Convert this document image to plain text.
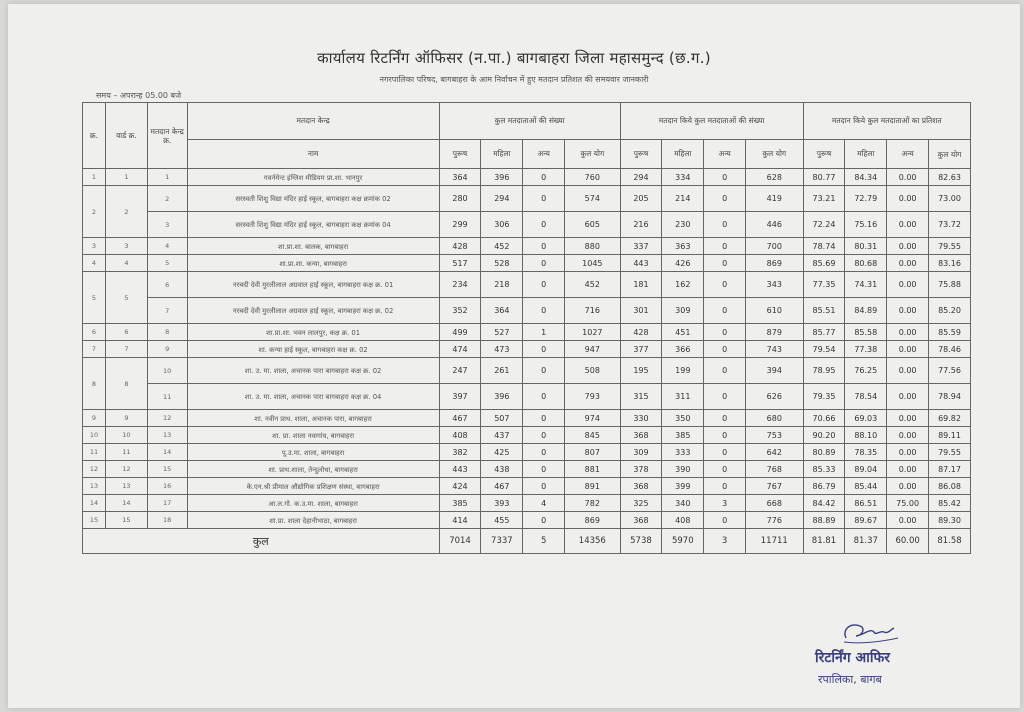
कार्यालय रिटर्निंग ऑफिसर (न.पा.) बागबाहरा जिला महासमुन्द (छ.ग.)
नगरपालिका परिषद, बागबाहरा के आम निर्वाचन में हुए मतदान प्रतिशत की समयवार जानकारी
समय – अपरान्ह 05.00 बजे
क्र.	वार्ड क्र.	मतदान केन्द्र क्र.	मतदान केन्द्र	कुल मतदाताओं की संख्या				मतदान किये कुल मतदाताओं की संख्या				मतदान किये कुल मतदाताओं का प्रतिशत			
			नाम	पुरूष	महिला	अन्य	कुल योग	पुरूष	महिला	अन्य	कुल योग	पुरूष	महिला	अन्य	कुल योग
1	1	1	गवर्नमेन्ट इंग्लिश मीडियम प्रा.शा. भानपुर	364	396	0	760	294	334	0	628	80.77	84.34	0.00	82.63
2	2	2	सरस्वती शिशु विद्या मंदिर हाई स्कूल, बागबाहरा कक्ष क्रमांक 02	280	294	0	574	205	214	0	419	73.21	72.79	0.00	73.00
		3	सरस्वती शिशु विद्या मंदिर हाई स्कूल, बागबाहरा कक्ष क्रमांक 04	299	306	0	605	216	230	0	446	72.24	75.16	0.00	73.72
3	3	4	शा.प्रा.शा. बालक, बागबाहरा	428	452	0	880	337	363	0	700	78.74	80.31	0.00	79.55
4	4	5	शा.प्रा.शा. कन्या, बागबाहरा	517	528	0	1045	443	426	0	869	85.69	80.68	0.00	83.16
5	5	6	नरबदी देवी मुरलीलाल अग्रवाल हाई स्कूल, बागबाहरा कक्ष क्र. 01	234	218	0	452	181	162	0	343	77.35	74.31	0.00	75.88
		7	नरबदी देवी मुरलीलाल अग्रवाल हाई स्कूल, बागबाहरा कक्ष क्र. 02	352	364	0	716	301	309	0	610	85.51	84.89	0.00	85.20
6	6	8	शा.प्रा.शा. भवन लालपुर, कक्ष क्र. 01	499	527	1	1027	428	451	0	879	85.77	85.58	0.00	85.59
7	7	9	शा. कन्या हाई स्कूल, बागबाहरा कक्ष क्र. 02	474	473	0	947	377	366	0	743	79.54	77.38	0.00	78.46
8	8	10	शा. उ. मा. शाला, अचानक पारा बागबाहरा कक्ष क्र. 02	247	261	0	508	195	199	0	394	78.95	76.25	0.00	77.56
		11	शा. उ. मा. शाला, अचानक पारा बागबाहरा कक्ष क्र. 04	397	396	0	793	315	311	0	626	79.35	78.54	0.00	78.94
9	9	12	शा. नवीन प्राथ. शाला, अचानक पारा, बागबाहरा	467	507	0	974	330	350	0	680	70.66	69.03	0.00	69.82
10	10	13	शा. प्रा. शाला नवागांव, बागबाहरा	408	437	0	845	368	385	0	753	90.20	88.10	0.00	89.11
11	11	14	पू.उ.मा. शाला, बागबाहरा	382	425	0	807	309	333	0	642	80.89	78.35	0.00	79.55
12	12	15	शा. प्राथ.शाला, तेन्दुलोधा, बागबाहरा	443	438	0	881	378	390	0	768	85.33	89.04	0.00	87.17
13	13	16	के.एन.श्री प्रीमाल औद्योगिक प्रशिक्षण संस्था, बागबाहरा	424	467	0	891	368	399	0	767	86.79	85.44	0.00	86.08
14	14	17	आ.ल.गो. क.उ.मा. शाला, बागबाहरा	385	393	4	782	325	340	3	668	84.42	86.51	75.00	85.42
15	15	18	शा.प्रा. शाला देहानीभाठा, बागबाहरा	414	455	0	869	368	408	0	776	88.89	89.67	0.00	89.30
कुल				7014	7337	5	14356	5738	5970	3	11711	81.81	81.37	60.00	81.58
रिटर्निंग आफिर
रपालिका, बागब
